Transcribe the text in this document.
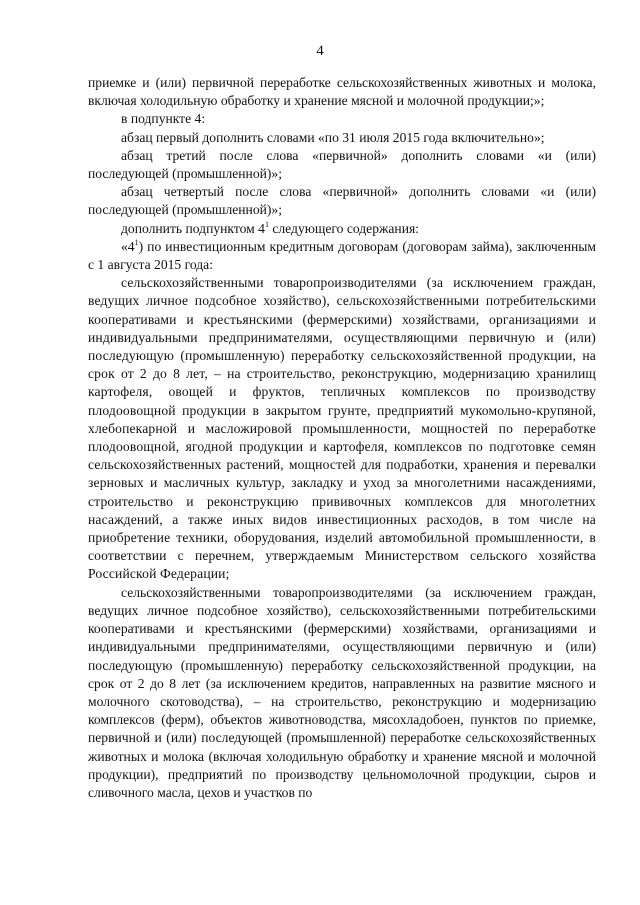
4

приемке и (или) первичной переработке сельскохозяйственных животных и молока, включая холодильную обработку и хранение мясной и молочной продукции;»;

в подпункте 4:

абзац первый дополнить словами «по 31 июля 2015 года включительно»;

абзац третий после слова «первичной» дополнить словами «и (или) последующей (промышленной)»;

абзац четвертый после слова «первичной» дополнить словами «и (или) последующей (промышленной)»;

дополнить подпунктом $4^1$ следующего содержания:

«$4^1$) по инвестиционным кредитным договорам (договорам займа), заключенным с 1 августа 2015 года:

сельскохозяйственными товаропроизводителями (за исключением граждан, ведущих личное подсобное хозяйство), сельскохозяйственными потребительскими кооперативами и крестьянскими (фермерскими) хозяйствами, организациями и индивидуальными предпринимателями, осуществляющими первичную и (или) последующую (промышленную) переработку сельскохозяйственной продукции, на срок от 2 до 8 лет, – на строительство, реконструкцию, модернизацию хранилищ картофеля, овощей и фруктов, тепличных комплексов по производству плодоовощной продукции в закрытом грунте, предприятий мукомольно-крупяной, хлебопекарной и масложировой промышленности, мощностей по переработке плодоовощной, ягодной продукции и картофеля, комплексов по подготовке семян сельскохозяйственных растений, мощностей для подработки, хранения и перевалки зерновых и масличных культур, закладку и уход за многолетними насаждениями, строительство и реконструкцию прививочных комплексов для многолетних насаждений, а также иных видов инвестиционных расходов, в том числе на приобретение техники, оборудования, изделий автомобильной промышленности, в соответствии с перечнем, утверждаемым Министерством сельского хозяйства Российской Федерации;

сельскохозяйственными товаропроизводителями (за исключением граждан, ведущих личное подсобное хозяйство), сельскохозяйственными потребительскими кооперативами и крестьянскими (фермерскими) хозяйствами, организациями и индивидуальными предпринимателями, осуществляющими первичную и (или) последующую (промышленную) переработку сельскохозяйственной продукции, на срок от 2 до 8 лет (за исключением кредитов, направленных на развитие мясного и молочного скотоводства), – на строительство, реконструкцию и модернизацию комплексов (ферм), объектов животноводства, мясохладобоен, пунктов по приемке, первичной и (или) последующей (промышленной) переработке сельскохозяйственных животных и молока (включая холодильную обработку и хранение мясной и молочной продукции), предприятий по производству цельномолочной продукции, сыров и сливочного масла, цехов и участков по
